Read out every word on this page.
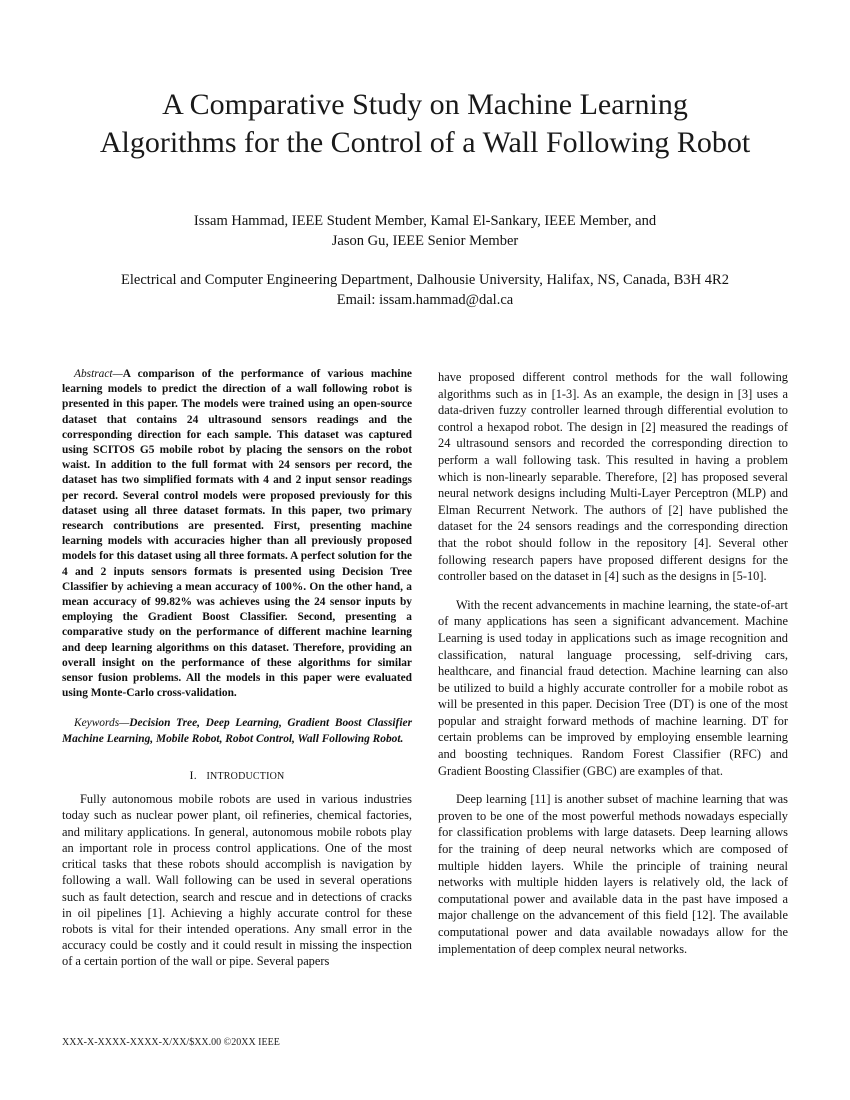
A Comparative Study on Machine Learning
Algorithms for the Control of a Wall Following Robot

Issam Hammad, IEEE Student Member, Kamal El-Sankary, IEEE Member, and
Jason Gu, IEEE Senior Member

Electrical and Computer Engineering Department, Dalhousie University, Halifax, NS, Canada, B3H 4R2
Email: issam.hammad@dal.ca

Abstract—A comparison of the performance of various machine learning models to predict the direction of a wall following robot is presented in this paper. The models were trained using an open-source dataset that contains 24 ultrasound sensors readings and the corresponding direction for each sample. This dataset was captured using SCITOS G5 mobile robot by placing the sensors on the robot waist. In addition to the full format with 24 sensors per record, the dataset has two simplified formats with 4 and 2 input sensor readings per record. Several control models were proposed previously for this dataset using all three dataset formats. In this paper, two primary research contributions are presented. First, presenting machine learning models with accuracies higher than all previously proposed models for this dataset using all three formats. A perfect solution for the 4 and 2 inputs sensors formats is presented using Decision Tree Classifier by achieving a mean accuracy of 100%. On the other hand, a mean accuracy of 99.82% was achieves using the 24 sensor inputs by employing the Gradient Boost Classifier. Second, presenting a comparative study on the performance of different machine learning and deep learning algorithms on this dataset. Therefore, providing an overall insight on the performance of these algorithms for similar sensor fusion problems. All the models in this paper were evaluated using Monte-Carlo cross-validation.

Keywords—Decision Tree, Deep Learning, Gradient Boost Classifier Machine Learning, Mobile Robot, Robot Control, Wall Following Robot.

I. INTRODUCTION

Fully autonomous mobile robots are used in various industries today such as nuclear power plant, oil refineries, chemical factories, and military applications. In general, autonomous mobile robots play an important role in process control applications. One of the most critical tasks that these robots should accomplish is navigation by following a wall. Wall following can be used in several operations such as fault detection, search and rescue and in detections of cracks in oil pipelines [1]. Achieving a highly accurate control for these robots is vital for their intended operations. Any small error in the accuracy could be costly and it could result in missing the inspection of a certain portion of the wall or pipe. Several papers

have proposed different control methods for the wall following algorithms such as in [1-3]. As an example, the design in [3] uses a data-driven fuzzy controller learned through differential evolution to control a hexapod robot. The design in [2] measured the readings of 24 ultrasound sensors and recorded the corresponding direction to perform a wall following task. This resulted in having a problem which is non-linearly separable. Therefore, [2] has proposed several neural network designs including Multi-Layer Perceptron (MLP) and Elman Recurrent Network. The authors of [2] have published the dataset for the 24 sensors readings and the corresponding direction that the robot should follow in the repository [4]. Several other following research papers have proposed different designs for the controller based on the dataset in [4] such as the designs in [5-10].

With the recent advancements in machine learning, the state-of-art of many applications has seen a significant advancement. Machine Learning is used today in applications such as image recognition and classification, natural language processing, self-driving cars, healthcare, and financial fraud detection. Machine learning can also be utilized to build a highly accurate controller for a mobile robot as will be presented in this paper. Decision Tree (DT) is one of the most popular and straight forward methods of machine learning. DT for certain problems can be improved by employing ensemble learning and boosting techniques. Random Forest Classifier (RFC) and Gradient Boosting Classifier (GBC) are examples of that.

Deep learning [11] is another subset of machine learning that was proven to be one of the most powerful methods nowadays especially for classification problems with large datasets. Deep learning allows for the training of deep neural networks which are composed of multiple hidden layers. While the principle of training neural networks with multiple hidden layers is relatively old, the lack of computational power and available data in the past have imposed a major challenge on the advancement of this field [12]. The available computational power and data available nowadays allow for the implementation of deep complex neural networks.

XXX-X-XXXX-XXXX-X/XX/$XX.00 ©20XX IEEE
